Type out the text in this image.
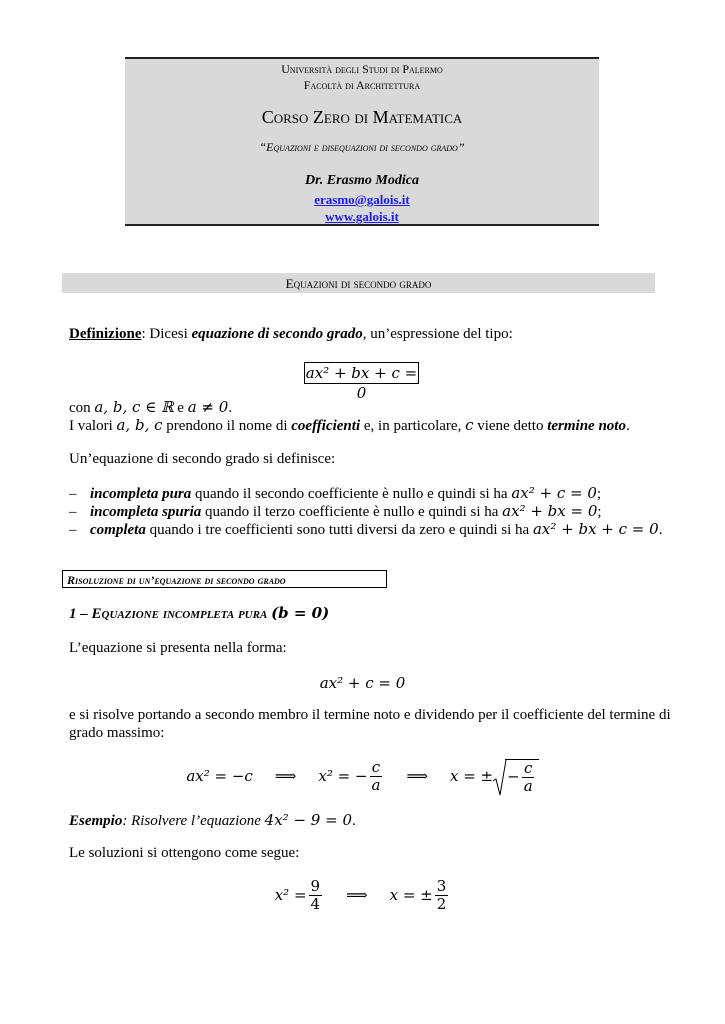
Università degli Studi di Palermo
Facoltà di Architettura
Corso Zero di Matematica
“Equazioni e disequazioni di secondo grado”
Dr. Erasmo Modica
erasmo@galois.it
www.galois.it
Equazioni di secondo grado
Definizione: Dicesi equazione di secondo grado, un’espressione del tipo:
ax² + bx + c = 0
con a, b, c ∈ ℝ e a ≠ 0.
I valori a, b, c prendono il nome di coefficienti e, in particolare, c viene detto termine noto.
Un’equazione di secondo grado si definisce:
– incompleta pura quando il secondo coefficiente è nullo e quindi si ha ax² + c = 0;
– incompleta spuria quando il terzo coefficiente è nullo e quindi si ha ax² + bx = 0;
– completa quando i tre coefficienti sono tutti diversi da zero e quindi si ha ax² + bx + c = 0.
Risoluzione di un’equazione di secondo grado
1 – Equazione incompleta pura (b = 0)
L’equazione si presenta nella forma:
ax² + c = 0
e si risolve portando a secondo membro il termine noto e dividendo per il coefficiente del termine di
grado massimo:
ax² = −c ⟹ x² = − $\frac{c}{a}$ ⟹ x = ± − $\frac{c}{a}$
Esempio: Risolvere l’equazione 4x² − 9 = 0.
Le soluzioni si ottengono come segue:
$x^2 = \frac{9}{4}$ ⟹ x = ± $\frac{3}{2}$
